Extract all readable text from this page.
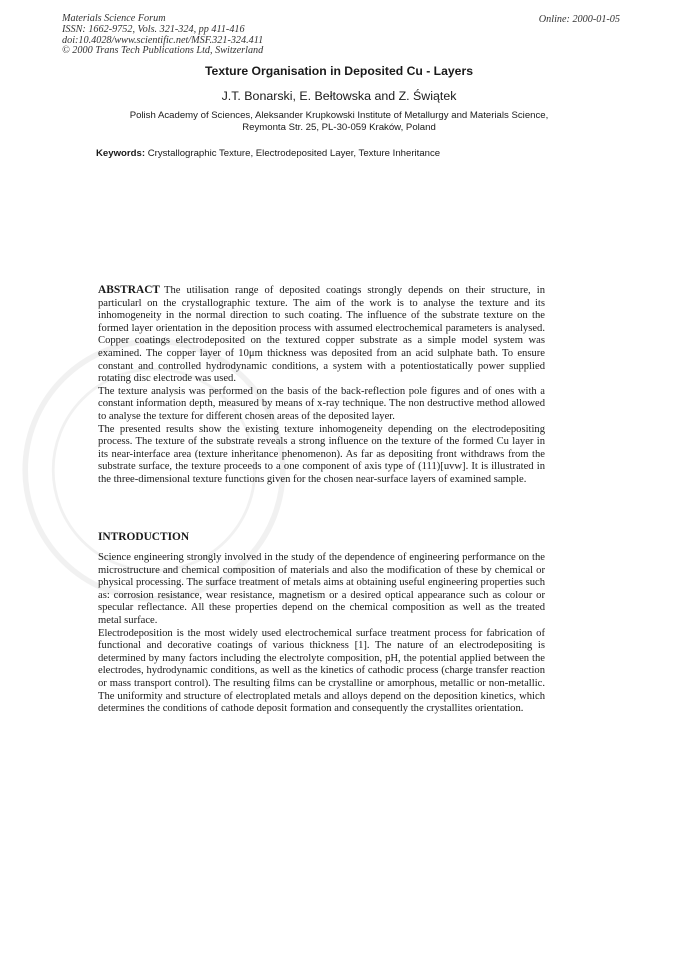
Materials Science Forum
ISSN: 1662-9752, Vols. 321-324, pp 411-416
doi:10.4028/www.scientific.net/MSF.321-324.411
© 2000 Trans Tech Publications Ltd, Switzerland
Online: 2000-01-05
Texture Organisation in Deposited Cu - Layers
J.T. Bonarski, E. Bełtowska and Z. Świątek
Polish Academy of Sciences, Aleksander Krupkowski Institute of Metallurgy and Materials Science,
Reymonta Str. 25, PL-30-059 Kraków, Poland
Keywords: Crystallographic Texture, Electrodeposited Layer, Texture Inheritance

ABSTRACT The utilisation range of deposited coatings strongly depends on their structure, in particularl on the crystallographic texture. The aim of the work is to analyse the texture and its inhomogeneity in the normal direction to such coating. The influence of the substrate texture on the formed layer orientation in the deposition process with assumed electrochemical parameters is analysed. Copper coatings electrodeposited on the textured copper substrate as a simple model system was examined. The copper layer of 10μm thickness was deposited from an acid sulphate bath. To ensure constant and controlled hydrodynamic conditions, a system with a potentiostatically power supplied rotating disc electrode was used.

The texture analysis was performed on the basis of the back-reflection pole figures and of ones with a constant information depth, measured by means of x-ray technique. The non destructive method allowed to analyse the texture for different chosen areas of the deposited layer.

The presented results show the existing texture inhomogeneity depending on the electrodepositing process. The texture of the substrate reveals a strong influence on the texture of the formed Cu layer in its near-interface area (texture inheritance phenomenon). As far as depositing front withdraws from the substrate surface, the texture proceeds to a one component of axis type of (111)[uvw]. It is illustrated in the three-dimensional texture functions given for the chosen near-surface layers of examined sample.

INTRODUCTION

Science engineering strongly involved in the study of the dependence of engineering performance on the microstructure and chemical composition of materials and also the modification of these by chemical or physical processing. The surface treatment of metals aims at obtaining useful engineering properties such as: corrosion resistance, wear resistance, magnetism or a desired optical appearance such as colour or specular reflectance. All these properties depend on the chemical composition as well as the treated metal surface.

Electrodeposition is the most widely used electrochemical surface treatment process for fabrication of functional and decorative coatings of various thickness [1]. The nature of an electrodepositing is determined by many factors including the electrolyte composition, pH, the potential applied between the electrodes, hydrodynamic conditions, as well as the kinetics of cathodic process (charge transfer reaction or mass transport control). The resulting films can be crystalline or amorphous, metallic or non-metallic. The uniformity and structure of electroplated metals and alloys depend on the deposition kinetics, which determines the conditions of cathode deposit formation and consequently the crystallites orientation.
